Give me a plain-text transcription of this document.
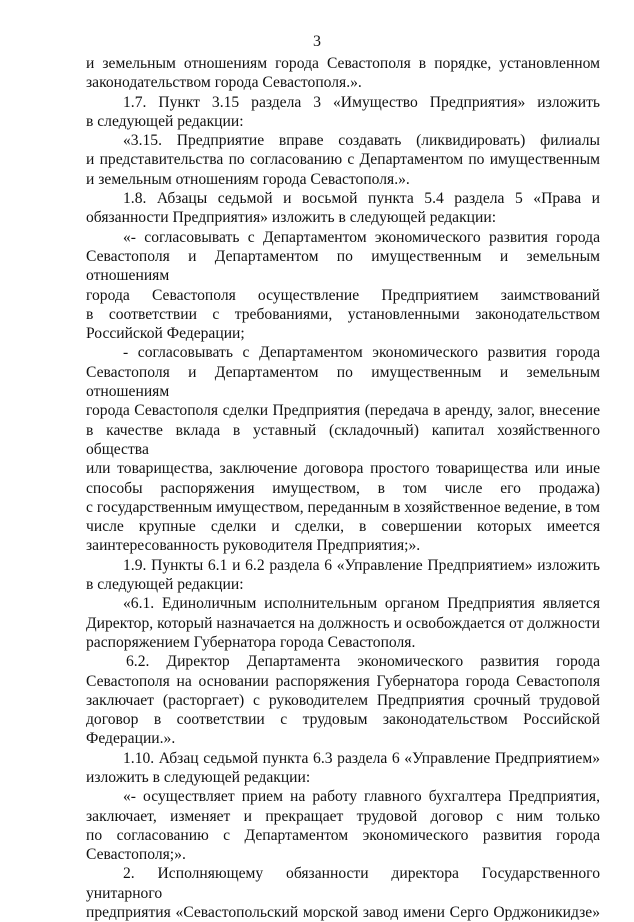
3

и земельным отношениям города Севастополя в порядке, установленном

законодательством города Севастополя.».

1.7. Пункт 3.15 раздела 3 «Имущество Предприятия» изложить

в следующей редакции:

«3.15. Предприятие вправе создавать (ликвидировать) филиалы

и представительства по согласованию с Департаментом по имущественным

и земельным отношениям города Севастополя.».

1.8. Абзацы седьмой и восьмой пункта 5.4 раздела 5 «Права и

обязанности Предприятия» изложить в следующей редакции:

«- согласовывать с Департаментом экономического развития города

Севастополя и Департаментом по имущественным и земельным отношениям

города Севастополя осуществление Предприятием заимствований

в соответствии с требованиями, установленными законодательством

Российской Федерации;

- согласовывать с Департаментом экономического развития города

Севастополя и Департаментом по имущественным и земельным отношениям

города Севастополя сделки Предприятия (передача в аренду, залог, внесение

в качестве вклада в уставный (складочный) капитал хозяйственного общества

или товарищества, заключение договора простого товарищества или иные

способы распоряжения имуществом, в том числе его продажа)

с государственным имуществом, переданным в хозяйственное ведение, в том

числе крупные сделки и сделки, в совершении которых имеется

заинтересованность руководителя Предприятия;».

1.9. Пункты 6.1 и 6.2 раздела 6 «Управление Предприятием» изложить

в следующей редакции:

«6.1. Единоличным исполнительным органом Предприятия является

Директор, который назначается на должность и освобождается от должности

распоряжением Губернатора города Севастополя.

6.2. Директор Департамента экономического развития города

Севастополя на основании распоряжения Губернатора города Севастополя

заключает (расторгает) с руководителем Предприятия срочный трудовой

договор в соответствии с трудовым законодательством Российской

Федерации.».

1.10. Абзац седьмой пункта 6.3 раздела 6 «Управление Предприятием»

изложить в следующей редакции:

«- осуществляет прием на работу главного бухгалтера Предприятия,

заключает, изменяет и прекращает трудовой договор с ним только

по согласованию с Департаментом экономического развития города

Севастополя;».

2. Исполняющему обязанности директора Государственного унитарного

предприятия «Севастопольский морской завод имени Серго Орджоникидзе»
